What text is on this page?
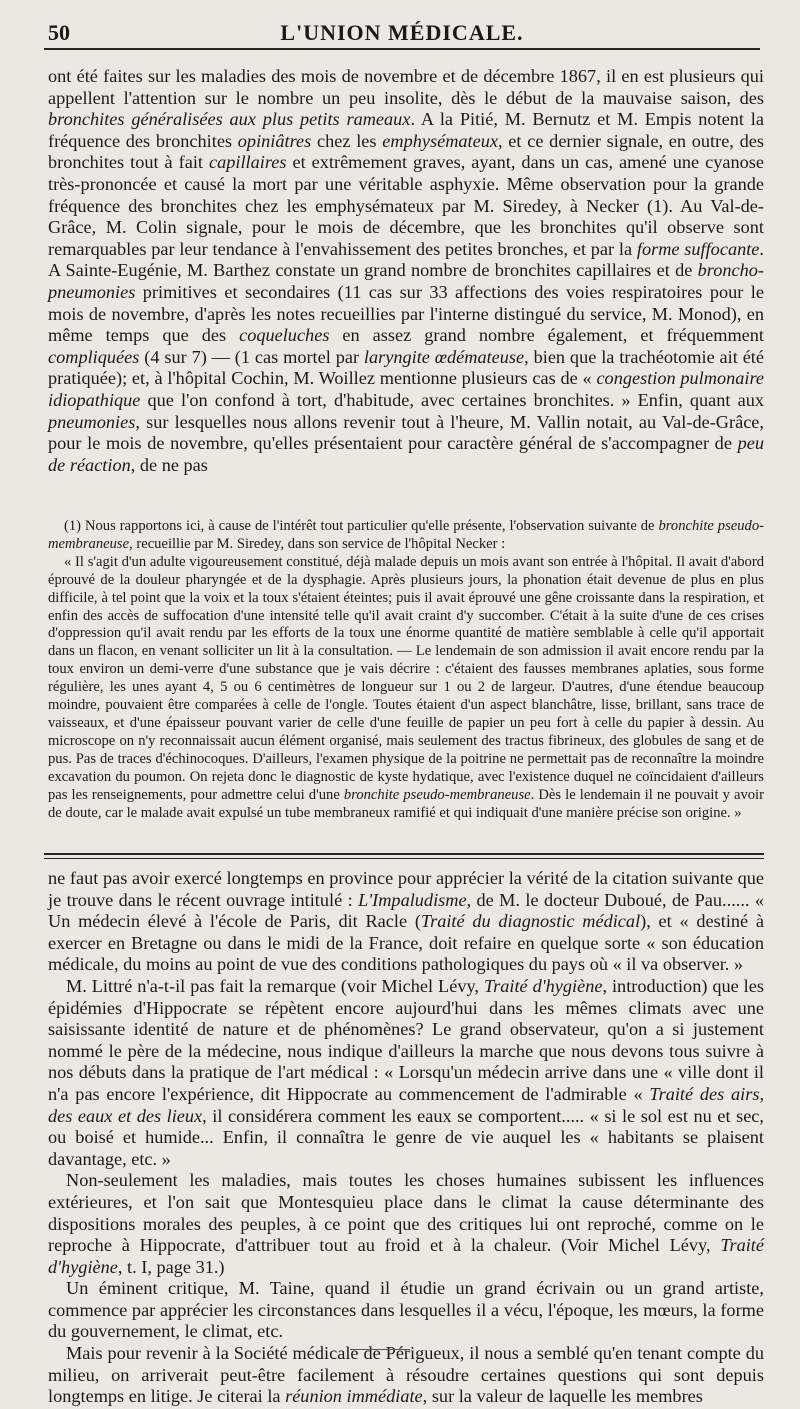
50	L'UNION MÉDICALE.

ont été faites sur les maladies des mois de novembre et de décembre 1867, il en est plusieurs qui appellent l'attention sur le nombre un peu insolite, dès le début de la mauvaise saison, des bronchites généralisées aux plus petits rameaux. A la Pitié, M. Bernutz et M. Empis notent la fréquence des bronchites opiniâtres chez les emphysémateux, et ce dernier signale, en outre, des bronchites tout à fait capillaires et extrêmement graves, ayant, dans un cas, amené une cyanose très-prononcée et causé la mort par une véritable asphyxie. Même observation pour la grande fréquence des bronchites chez les emphysémateux par M. Siredey, à Necker (1). Au Val-de-Grâce, M. Colin signale, pour le mois de décembre, que les bronchites qu'il observe sont remarquables par leur tendance à l'envahissement des petites bronches, et par la forme suffocante. A Sainte-Eugénie, M. Barthez constate un grand nombre de bronchites capillaires et de broncho-pneumonies primitives et secondaires (11 cas sur 33 affections des voies respiratoires pour le mois de novembre, d'après les notes recueillies par l'interne distingué du service, M. Monod), en même temps que des coqueluches en assez grand nombre également, et fréquemment compliquées (4 sur 7) — (1 cas mortel par laryngite œdémateuse, bien que la trachéotomie ait été pratiquée); et, à l'hôpital Cochin, M. Woillez mentionne plusieurs cas de « congestion pulmonaire idiopathique que l'on confond à tort, d'habitude, avec certaines bronchites. » Enfin, quant aux pneumonies, sur lesquelles nous allons revenir tout à l'heure, M. Vallin notait, au Val-de-Grâce, pour le mois de novembre, qu'elles présentaient pour caractère général de s'accompagner de peu de réaction, de ne pas

(1) Nous rapportons ici, à cause de l'intérêt tout particulier qu'elle présente, l'observation suivante de bronchite pseudo-membraneuse, recueillie par M. Siredey, dans son service de l'hôpital Necker :

« Il s'agit d'un adulte vigoureusement constitué, déjà malade depuis un mois avant son entrée à l'hôpital. Il avait d'abord éprouvé de la douleur pharyngée et de la dysphagie. Après plusieurs jours, la phonation était devenue de plus en plus difficile, à tel point que la voix et la toux s'étaient éteintes; puis il avait éprouvé une gêne croissante dans la respiration, et enfin des accès de suffocation d'une intensité telle qu'il avait craint d'y succomber. C'était à la suite d'une de ces crises d'oppression qu'il avait rendu par les efforts de la toux une énorme quantité de matière semblable à celle qu'il apportait dans un flacon, en venant solliciter un lit à la consultation. — Le lendemain de son admission il avait encore rendu par la toux environ un demi-verre d'une substance que je vais décrire : c'étaient des fausses membranes aplaties, sous forme régulière, les unes ayant 4, 5 ou 6 centimètres de longueur sur 1 ou 2 de largeur. D'autres, d'une étendue beaucoup moindre, pouvaient être comparées à celle de l'ongle. Toutes étaient d'un aspect blanchâtre, lisse, brillant, sans trace de vaisseaux, et d'une épaisseur pouvant varier de celle d'une feuille de papier un peu fort à celle du papier à dessin. Au microscope on n'y reconnaissait aucun élément organisé, mais seulement des tractus fibrineux, des globules de sang et de pus. Pas de traces d'échinocoques. D'ailleurs, l'examen physique de la poitrine ne permettait pas de reconnaître la moindre excavation du poumon. On rejeta donc le diagnostic de kyste hydatique, avec l'existence duquel ne coïncidaient d'ailleurs pas les renseignements, pour admettre celui d'une bronchite pseudo-membraneuse. Dès le lendemain il ne pouvait y avoir de doute, car le malade avait expulsé un tube membraneux ramifié et qui indiquait d'une manière précise son origine. »

ne faut pas avoir exercé longtemps en province pour apprécier la vérité de la citation suivante que je trouve dans le récent ouvrage intitulé : L'Impaludisme, de M. le docteur Duboué, de Pau...... « Un médecin élevé à l'école de Paris, dit Racle (Traité du diagnostic médical), et « destiné à exercer en Bretagne ou dans le midi de la France, doit refaire en quelque sorte « son éducation médicale, du moins au point de vue des conditions pathologiques du pays où « il va observer. »

M. Littré n'a-t-il pas fait la remarque (voir Michel Lévy, Traité d'hygiène, introduction) que les épidémies d'Hippocrate se répètent encore aujourd'hui dans les mêmes climats avec une saisissante identité de nature et de phénomènes? Le grand observateur, qu'on a si justement nommé le père de la médecine, nous indique d'ailleurs la marche que nous devons tous suivre à nos débuts dans la pratique de l'art médical : « Lorsqu'un médecin arrive dans une « ville dont il n'a pas encore l'expérience, dit Hippocrate au commencement de l'admirable « Traité des airs, des eaux et des lieux, il considérera comment les eaux se comportent..... « si le sol est nu et sec, ou boisé et humide... Enfin, il connaîtra le genre de vie auquel les « habitants se plaisent davantage, etc. »

Non-seulement les maladies, mais toutes les choses humaines subissent les influences extérieures, et l'on sait que Montesquieu place dans le climat la cause déterminante des dispositions morales des peuples, à ce point que des critiques lui ont reproché, comme on le reproche à Hippocrate, d'attribuer tout au froid et à la chaleur. (Voir Michel Lévy, Traité d'hygiène, t. I, page 31.)

Un éminent critique, M. Taine, quand il étudie un grand écrivain ou un grand artiste, commence par apprécier les circonstances dans lesquelles il a vécu, l'époque, les mœurs, la forme du gouvernement, le climat, etc.

Mais pour revenir à la Société médicale de Périgueux, il nous a semblé qu'en tenant compte du milieu, on arriverait peut-être facilement à résoudre certaines questions qui sont depuis longtemps en litige. Je citerai la réunion immédiate, sur la valeur de laquelle les membres
